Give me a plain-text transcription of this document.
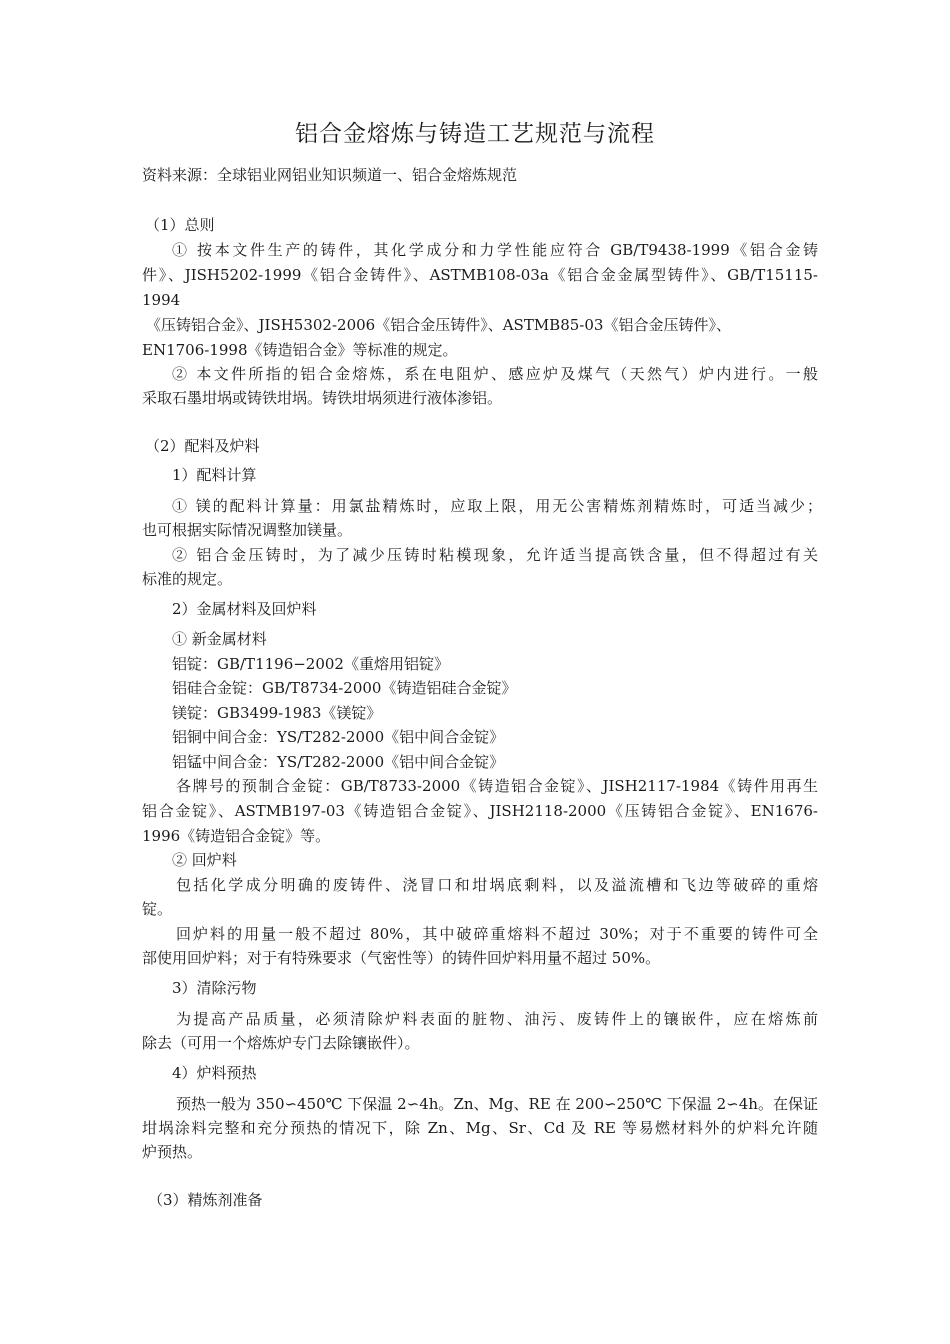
铝合金熔炼与铸造工艺规范与流程
资料来源：全球铝业网铝业知识频道一、铝合金熔炼规范
（1）总则
① 按本文件生产的铸件，其化学成分和力学性能应符合 GB/T9438-1999《铝合金铸
件》、JISH5202-1999《铝合金铸件》、ASTMB108-03a《铝合金金属型铸件》、GB/T15115-
1994
《压铸铝合金》、JISH5302-2006《铝合金压铸件》、ASTMB85-03《铝合金压铸件》、
EN1706-1998《铸造铝合金》等标准的规定。
② 本文件所指的铝合金熔炼，系在电阻炉、感应炉及煤气（天然气）炉内进行。一般
采取石墨坩埚或铸铁坩埚。铸铁坩埚须进行液体渗铝。
（2）配料及炉料
1）配料计算
① 镁的配料计算量：用氯盐精炼时，应取上限，用无公害精炼剂精炼时，可适当减少；
也可根据实际情况调整加镁量。
② 铝合金压铸时，为了减少压铸时粘模现象，允许适当提高铁含量，但不得超过有关
标准的规定。
2）金属材料及回炉料
① 新金属材料
铝锭：GB/T1196−2002《重熔用铝锭》
铝硅合金锭：GB/T8734-2000《铸造铝硅合金锭》
镁锭：GB3499-1983《镁锭》
铝铜中间合金：YS/T282-2000《铝中间合金锭》
铝锰中间合金：YS/T282-2000《铝中间合金锭》
各牌号的预制合金锭：GB/T8733-2000《铸造铝合金锭》、JISH2117-1984《铸件用再生
铝合金锭》、ASTMB197-03《铸造铝合金锭》、JISH2118-2000《压铸铝合金锭》、EN1676-
1996《铸造铝合金锭》等。
② 回炉料
包括化学成分明确的废铸件、浇冒口和坩埚底剩料，以及溢流槽和飞边等破碎的重熔
锭。
回炉料的用量一般不超过 80%，其中破碎重熔料不超过 30%；对于不重要的铸件可全
部使用回炉料；对于有特殊要求（气密性等）的铸件回炉料用量不超过 50%。
3）清除污物
为提高产品质量，必须清除炉料表面的脏物、油污、废铸件上的镶嵌件，应在熔炼前
除去（可用一个熔炼炉专门去除镶嵌件）。
4）炉料预热
预热一般为 350∽450℃ 下保温 2∽4h。Zn、Mg、RE 在 200∽250℃ 下保温 2∽4h。在保证
坩埚涂料完整和充分预热的情况下，除 Zn、Mg、Sr、Cd 及 RE 等易燃材料外的炉料允许随
炉预热。
（3）精炼剂准备
